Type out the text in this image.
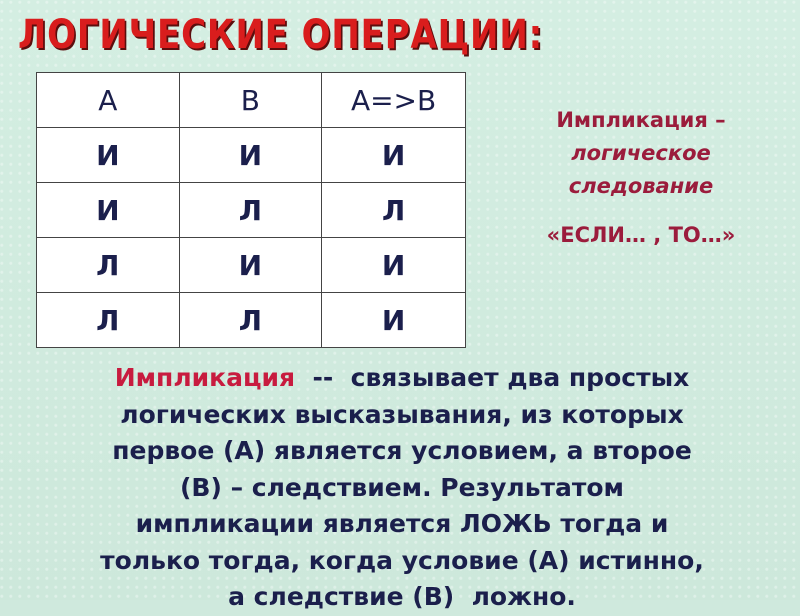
ЛОГИЧЕСКИЕ ОПЕРАЦИИ:
A	B	A=>B
И	И	И
И	Л	Л
Л	И	И
Л	Л	И
Импликация –
логическое
следование
«ЕСЛИ… , ТО…»

Импликация  --  связывает два простых
логических высказывания, из которых
первое (А) является условием, а второе
(В) – следствием. Результатом
импликации является ЛОЖЬ тогда и
только тогда, когда условие (А) истинно,
а следствие (В)  ложно.
